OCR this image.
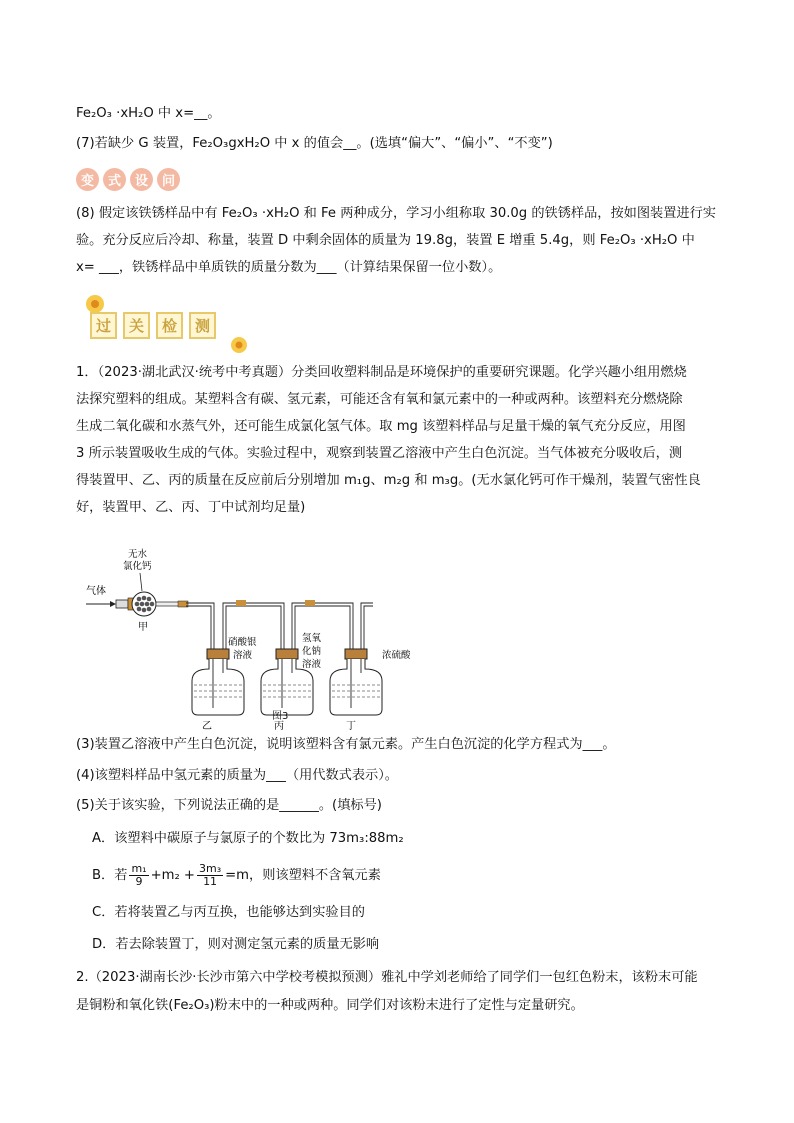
Fe₂O₃ ·xH₂O 中 x=__。
(7)若缺少 G 装置，Fe₂O₃gxH₂O 中 x 的值会__。(选填“偏大”、“偏小”、“不变”)
变	式	设	问
(8) 假定该铁锈样品中有 Fe₂O₃ ·xH₂O 和 Fe 两种成分，学习小组称取 30.0g 的铁锈样品，按如图装置进行实
验。充分反应后冷却、称量，装置 D 中剩余固体的质量为 19.8g，装置 E 增重 5.4g，则 Fe₂O₃ ·xH₂O 中
x= ___，铁锈样品中单质铁的质量分数为___（计算结果保留一位小数）。
过	关	检	测
1．（2023·湖北武汉·统考中考真题）分类回收塑料制品是环境保护的重要研究课题。化学兴趣小组用燃烧
法探究塑料的组成。某塑料含有碳、氢元素，可能还含有氧和氯元素中的一种或两种。该塑料充分燃烧除
生成二氧化碳和水蒸气外，还可能生成氯化氢气体。取 mg 该塑料样品与足量干燥的氧气充分反应，用图
3 所示装置吸收生成的气体。实验过程中，观察到装置乙溶液中产生白色沉淀。当气体被充分吸收后，测
得装置甲、乙、丙的质量在反应前后分别增加 m₁g、m₂g 和 m₃g。(无水氯化钙可作干燥剂，装置气密性良
好，装置甲、乙、丙、丁中试剂均足量)
气体
无水
氯化钙
甲
硝酸银
溶液
氢氧
化钠
溶液
浓硫酸
乙	丙	丁
图3
(3)装置乙溶液中产生白色沉淀，说明该塑料含有氯元素。产生白色沉淀的化学方程式为___。
(4)该塑料样品中氢元素的质量为___（用代数式表示）。
(5)关于该实验，下列说法正确的是______。(填标号)
A．该塑料中碳原子与氯原子的个数比为 73m₃:88m₂
B．若 $\frac{\text{m₁}}{9} +m_2 + \frac{\text{3m₃}}{11} =m$，则该塑料不含氧元素
C．若将装置乙与丙互换，也能够达到实验目的
D．若去除装置丁，则对测定氢元素的质量无影响
2.（2023·湖南长沙·长沙市第六中学校考模拟预测）雅礼中学刘老师给了同学们一包红色粉末，该粉末可能
是铜粉和氧化铁(Fe₂O₃)粉末中的一种或两种。同学们对该粉末进行了定性与定量研究。
